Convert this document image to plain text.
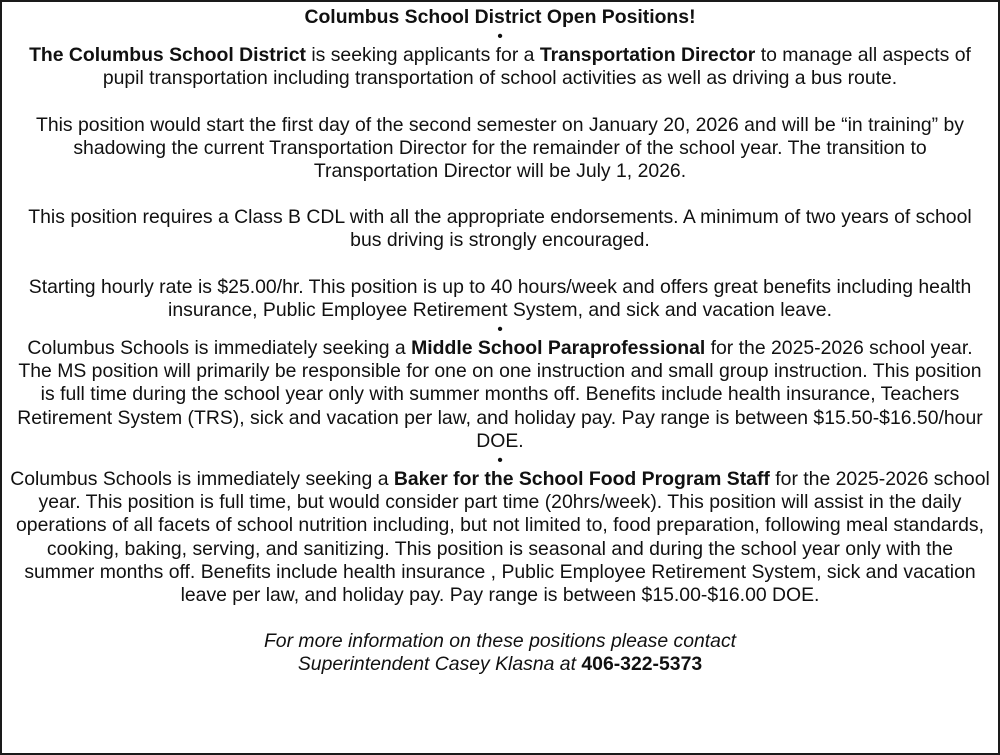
Columbus School District Open Positions!
•

The Columbus School District is seeking applicants for a Transportation Director to manage all aspects of pupil transportation including transportation of school activities as well as driving a bus route.

This position would start the first day of the second semester on January 20, 2026 and will be “in training” by shadowing the current Transportation Director for the remainder of the school year. The transition to Transportation Director will be July 1, 2026.

This position requires a Class B CDL with all the appropriate endorsements. A minimum of two years of school bus driving is strongly encouraged.

Starting hourly rate is $25.00/hr. This position is up to 40 hours/week and offers great benefits including health insurance, Public Employee Retirement System, and sick and vacation leave.

•

Columbus Schools is immediately seeking a Middle School Paraprofessional for the 2025-2026 school year. The MS position will primarily be responsible for one on one instruction and small group instruction. This position is full time during the school year only with summer months off. Benefits include health insurance, Teachers Retirement System (TRS), sick and vacation per law, and holiday pay. Pay range is between $15.50-$16.50/hour DOE.

•

Columbus Schools is immediately seeking a Baker for the School Food Program Staff for the 2025-2026 school year. This position is full time, but would consider part time (20hrs/week). This position will assist in the daily operations of all facets of school nutrition including, but not limited to, food preparation, following meal standards, cooking, baking, serving, and sanitizing. This position is seasonal and during the school year only with the summer months off. Benefits include health insurance , Public Employee Retirement System, sick and vacation leave per law, and holiday pay. Pay range is between $15.00-$16.00 DOE.

For more information on these positions please contact

Superintendent Casey Klasna at 406-322-5373
